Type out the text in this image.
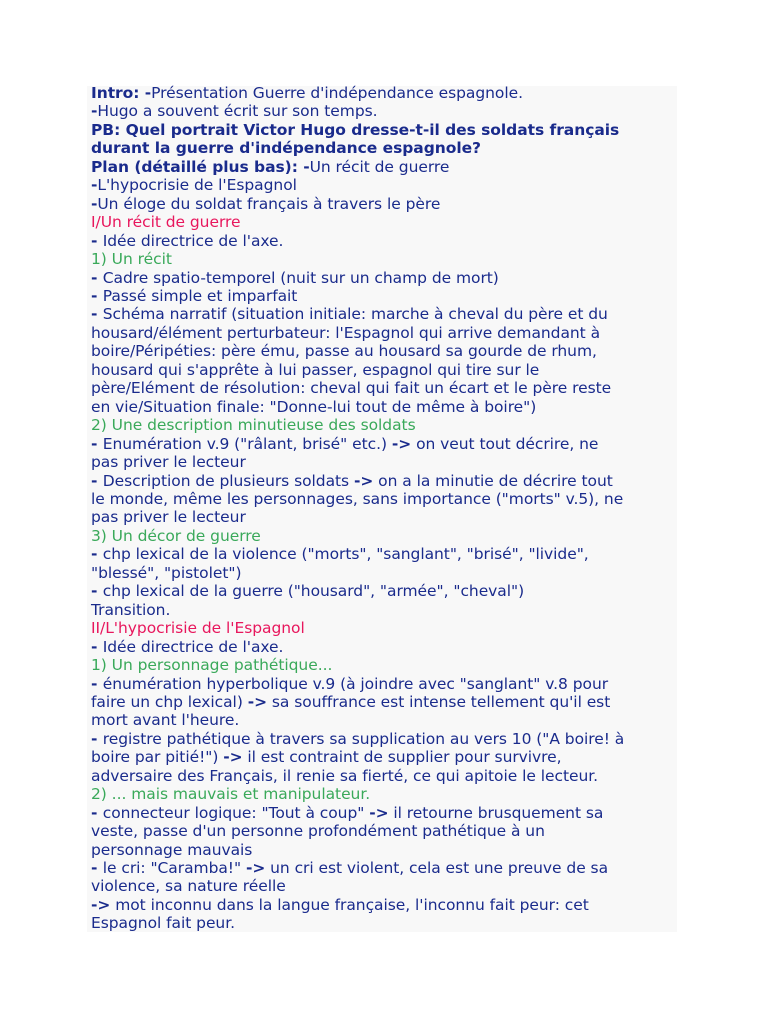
Intro: -Présentation Guerre d'indépendance espagnole.
-Hugo a souvent écrit sur son temps.
PB: Quel portrait Victor Hugo dresse-t-il des soldats français
durant la guerre d'indépendance espagnole?
Plan (détaillé plus bas): -Un récit de guerre
-L'hypocrisie de l'Espagnol
-Un éloge du soldat français à travers le père
I/Un récit de guerre
- Idée directrice de l'axe.
1) Un récit
- Cadre spatio-temporel (nuit sur un champ de mort)
- Passé simple et imparfait
- Schéma narratif (situation initiale: marche à cheval du père et du
housard/élément perturbateur: l'Espagnol qui arrive demandant à
boire/Péripéties: père ému, passe au housard sa gourde de rhum,
housard qui s'apprête à lui passer, espagnol qui tire sur le
père/Elément de résolution: cheval qui fait un écart et le père reste
en vie/Situation finale: "Donne-lui tout de même à boire")
2) Une description minutieuse des soldats
- Enumération v.9 ("râlant, brisé" etc.) -> on veut tout décrire, ne
pas priver le lecteur
- Description de plusieurs soldats -> on a la minutie de décrire tout
le monde, même les personnages, sans importance ("morts" v.5), ne
pas priver le lecteur
3) Un décor de guerre
- chp lexical de la violence ("morts", "sanglant", "brisé", "livide",
"blessé", "pistolet")
- chp lexical de la guerre ("housard", "armée", "cheval")
Transition.
II/L'hypocrisie de l'Espagnol
- Idée directrice de l'axe.
1) Un personnage pathétique...
- énumération hyperbolique v.9 (à joindre avec "sanglant" v.8 pour
faire un chp lexical) -> sa souffrance est intense tellement qu'il est
mort avant l'heure.
- registre pathétique à travers sa supplication au vers 10 ("A boire! à
boire par pitié!") -> il est contraint de supplier pour survivre,
adversaire des Français, il renie sa fierté, ce qui apitoie le lecteur.
2) ... mais mauvais et manipulateur.
- connecteur logique: "Tout à coup" -> il retourne brusquement sa
veste, passe d'un personne profondément pathétique à un
personnage mauvais
- le cri: "Caramba!" -> un cri est violent, cela est une preuve de sa
violence, sa nature réelle
-> mot inconnu dans la langue française, l'inconnu fait peur: cet
Espagnol fait peur.
